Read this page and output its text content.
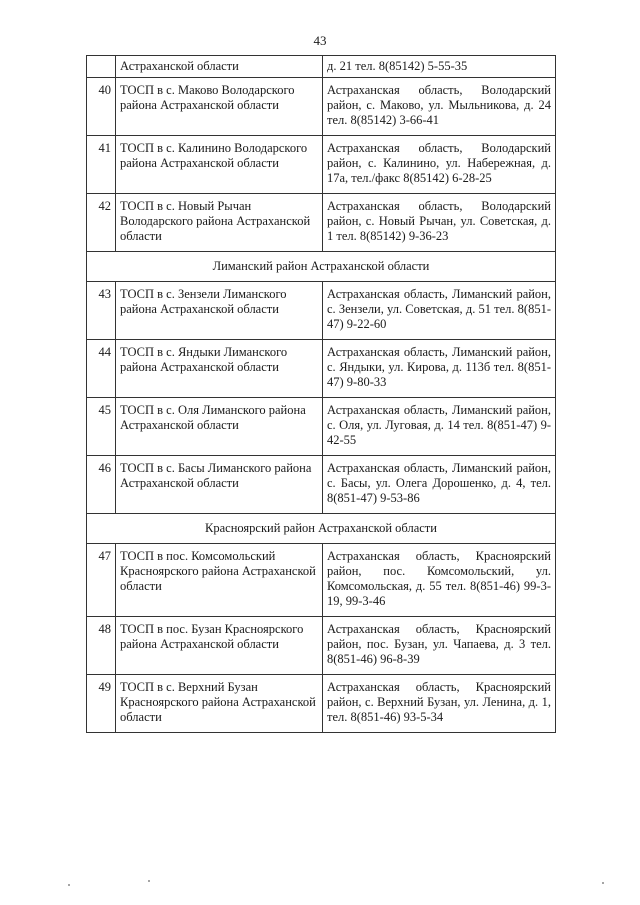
43
	Астраханской области	д. 21 тел. 8(85142) 5-55-35
40	ТОСП в с. Маково Володарского района Астраханской области	Астраханская область, Володарский район, с. Маково, ул. Мыльникова, д. 24 тел. 8(85142) 3-66-41
41	ТОСП в с. Калинино Володарского района Астраханской области	Астраханская область, Володарский район, с. Калинино, ул. Набережная, д. 17а, тел./факс 8(85142) 6-28-25
42	ТОСП в с. Новый Рычан Володарского района Астраханской области	Астраханская область, Володарский район, с. Новый Рычан, ул. Советская, д. 1 тел. 8(85142) 9-36-23
Лиманский район Астраханской области		
43	ТОСП в с. Зензели Лиманского района Астраханской области	Астраханская область, Лиманский район, с. Зензели, ул. Советская, д. 51 тел. 8(851-47) 9-22-60
44	ТОСП в с. Яндыки Лиманского района Астраханской области	Астраханская область, Лиманский район, с. Яндыки, ул. Кирова, д. 113б тел. 8(851-47) 9-80-33
45	ТОСП в с. Оля Лиманского района Астраханской области	Астраханская область, Лиманский район, с. Оля, ул. Луговая, д. 14 тел. 8(851-47) 9-42-55
46	ТОСП в с. Басы Лиманского района Астраханской области	Астраханская область, Лиманский район, с. Басы, ул. Олега Дорошенко, д. 4, тел. 8(851-47) 9-53-86
Красноярский район Астраханской области		
47	ТОСП в пос. Комсомольский Красноярского района Астраханской области	Астраханская область, Красноярский район, пос. Комсомольский, ул. Комсомольская, д. 55 тел. 8(851-46) 99-3-19, 99-3-46
48	ТОСП в пос. Бузан Красноярского района Астраханской области	Астраханская область, Красноярский район, пос. Бузан, ул. Чапаева, д. 3 тел. 8(851-46) 96-8-39
49	ТОСП в с. Верхний Бузан Красноярского района Астраханской области	Астраханская область, Красноярский район, с. Верхний Бузан, ул. Ленина, д. 1, тел. 8(851-46) 93-5-34
